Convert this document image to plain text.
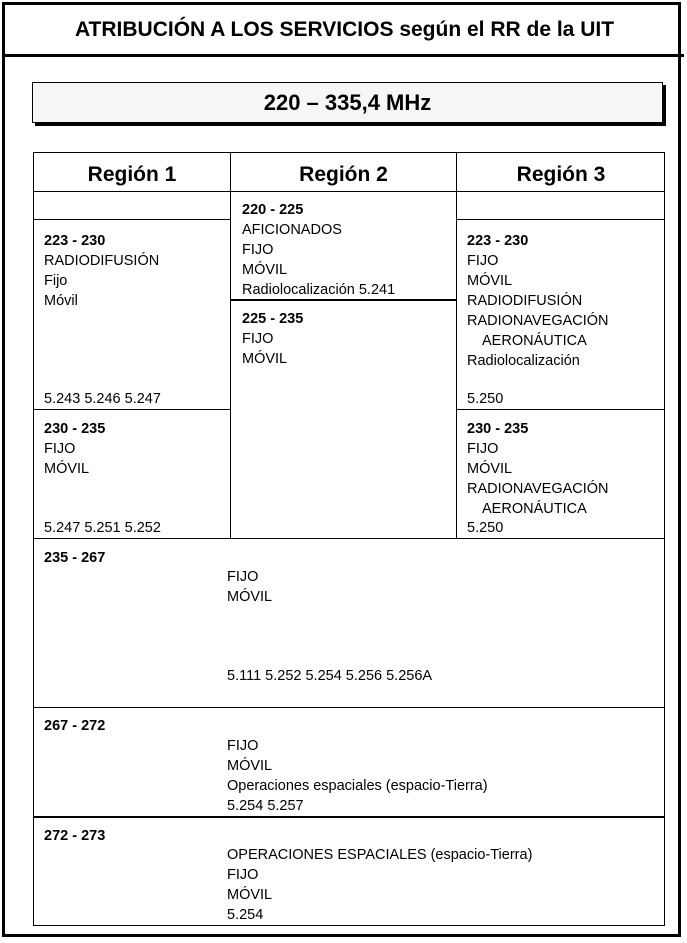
ATRIBUCIÓN A LOS SERVICIOS según el RR de la UIT
220 – 335,4 MHz
Región 1	Región 2	Región 3
223 - 230
RADIODIFUSIÓN
Fijo
Móvil
5.243 5.246 5.247
230 - 235
FIJO
MÓVIL
5.247 5.251 5.252
220 - 225
AFICIONADOS
FIJO
MÓVIL
Radiolocalización 5.241
225 - 235
FIJO
MÓVIL
223 - 230
FIJO
MÓVIL
RADIODIFUSIÓN
RADIONAVEGACIÓN
AERONÁUTICA
Radiolocalización
5.250
230 - 235
FIJO
MÓVIL
RADIONAVEGACIÓN
AERONÁUTICA
5.250
235 - 267
FIJO
MÓVIL
5.111 5.252 5.254 5.256 5.256A
267 - 272
FIJO
MÓVIL
Operaciones espaciales (espacio-Tierra)
5.254 5.257
272 - 273
OPERACIONES ESPACIALES (espacio-Tierra)
FIJO
MÓVIL
5.254
